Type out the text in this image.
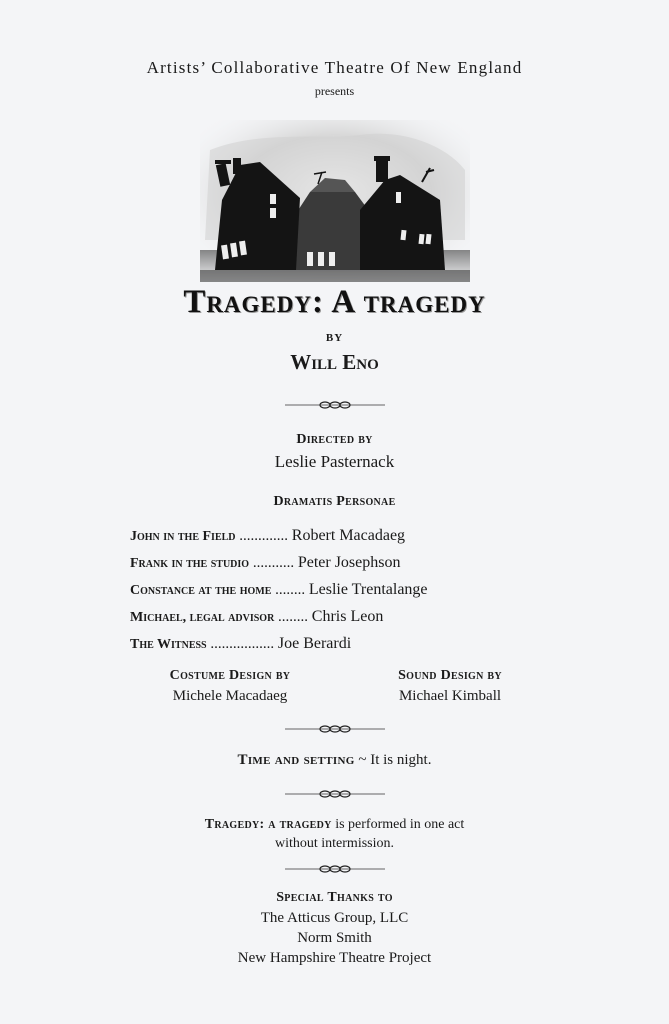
Artists’ Collaborative Theatre Of New England
presents
Tragedy: A tragedy
BY
Will Eno
Directed by
Leslie Pasternack
Dramatis Personae
John in the Field ............. Robert Macadaeg
Frank in the studio ........... Peter Josephson
Constance at the home ........ Leslie Trentalange
Michael, legal advisor ........ Chris Leon
The Witness ................. Joe Berardi
Costume Design by
Michele Macadaeg
Sound Design by
Michael Kimball
Time and setting ~ It is night.
Tragedy: a tragedy is performed in one act
without intermission.
Special Thanks to
The Atticus Group, LLC
Norm Smith
New Hampshire Theatre Project
